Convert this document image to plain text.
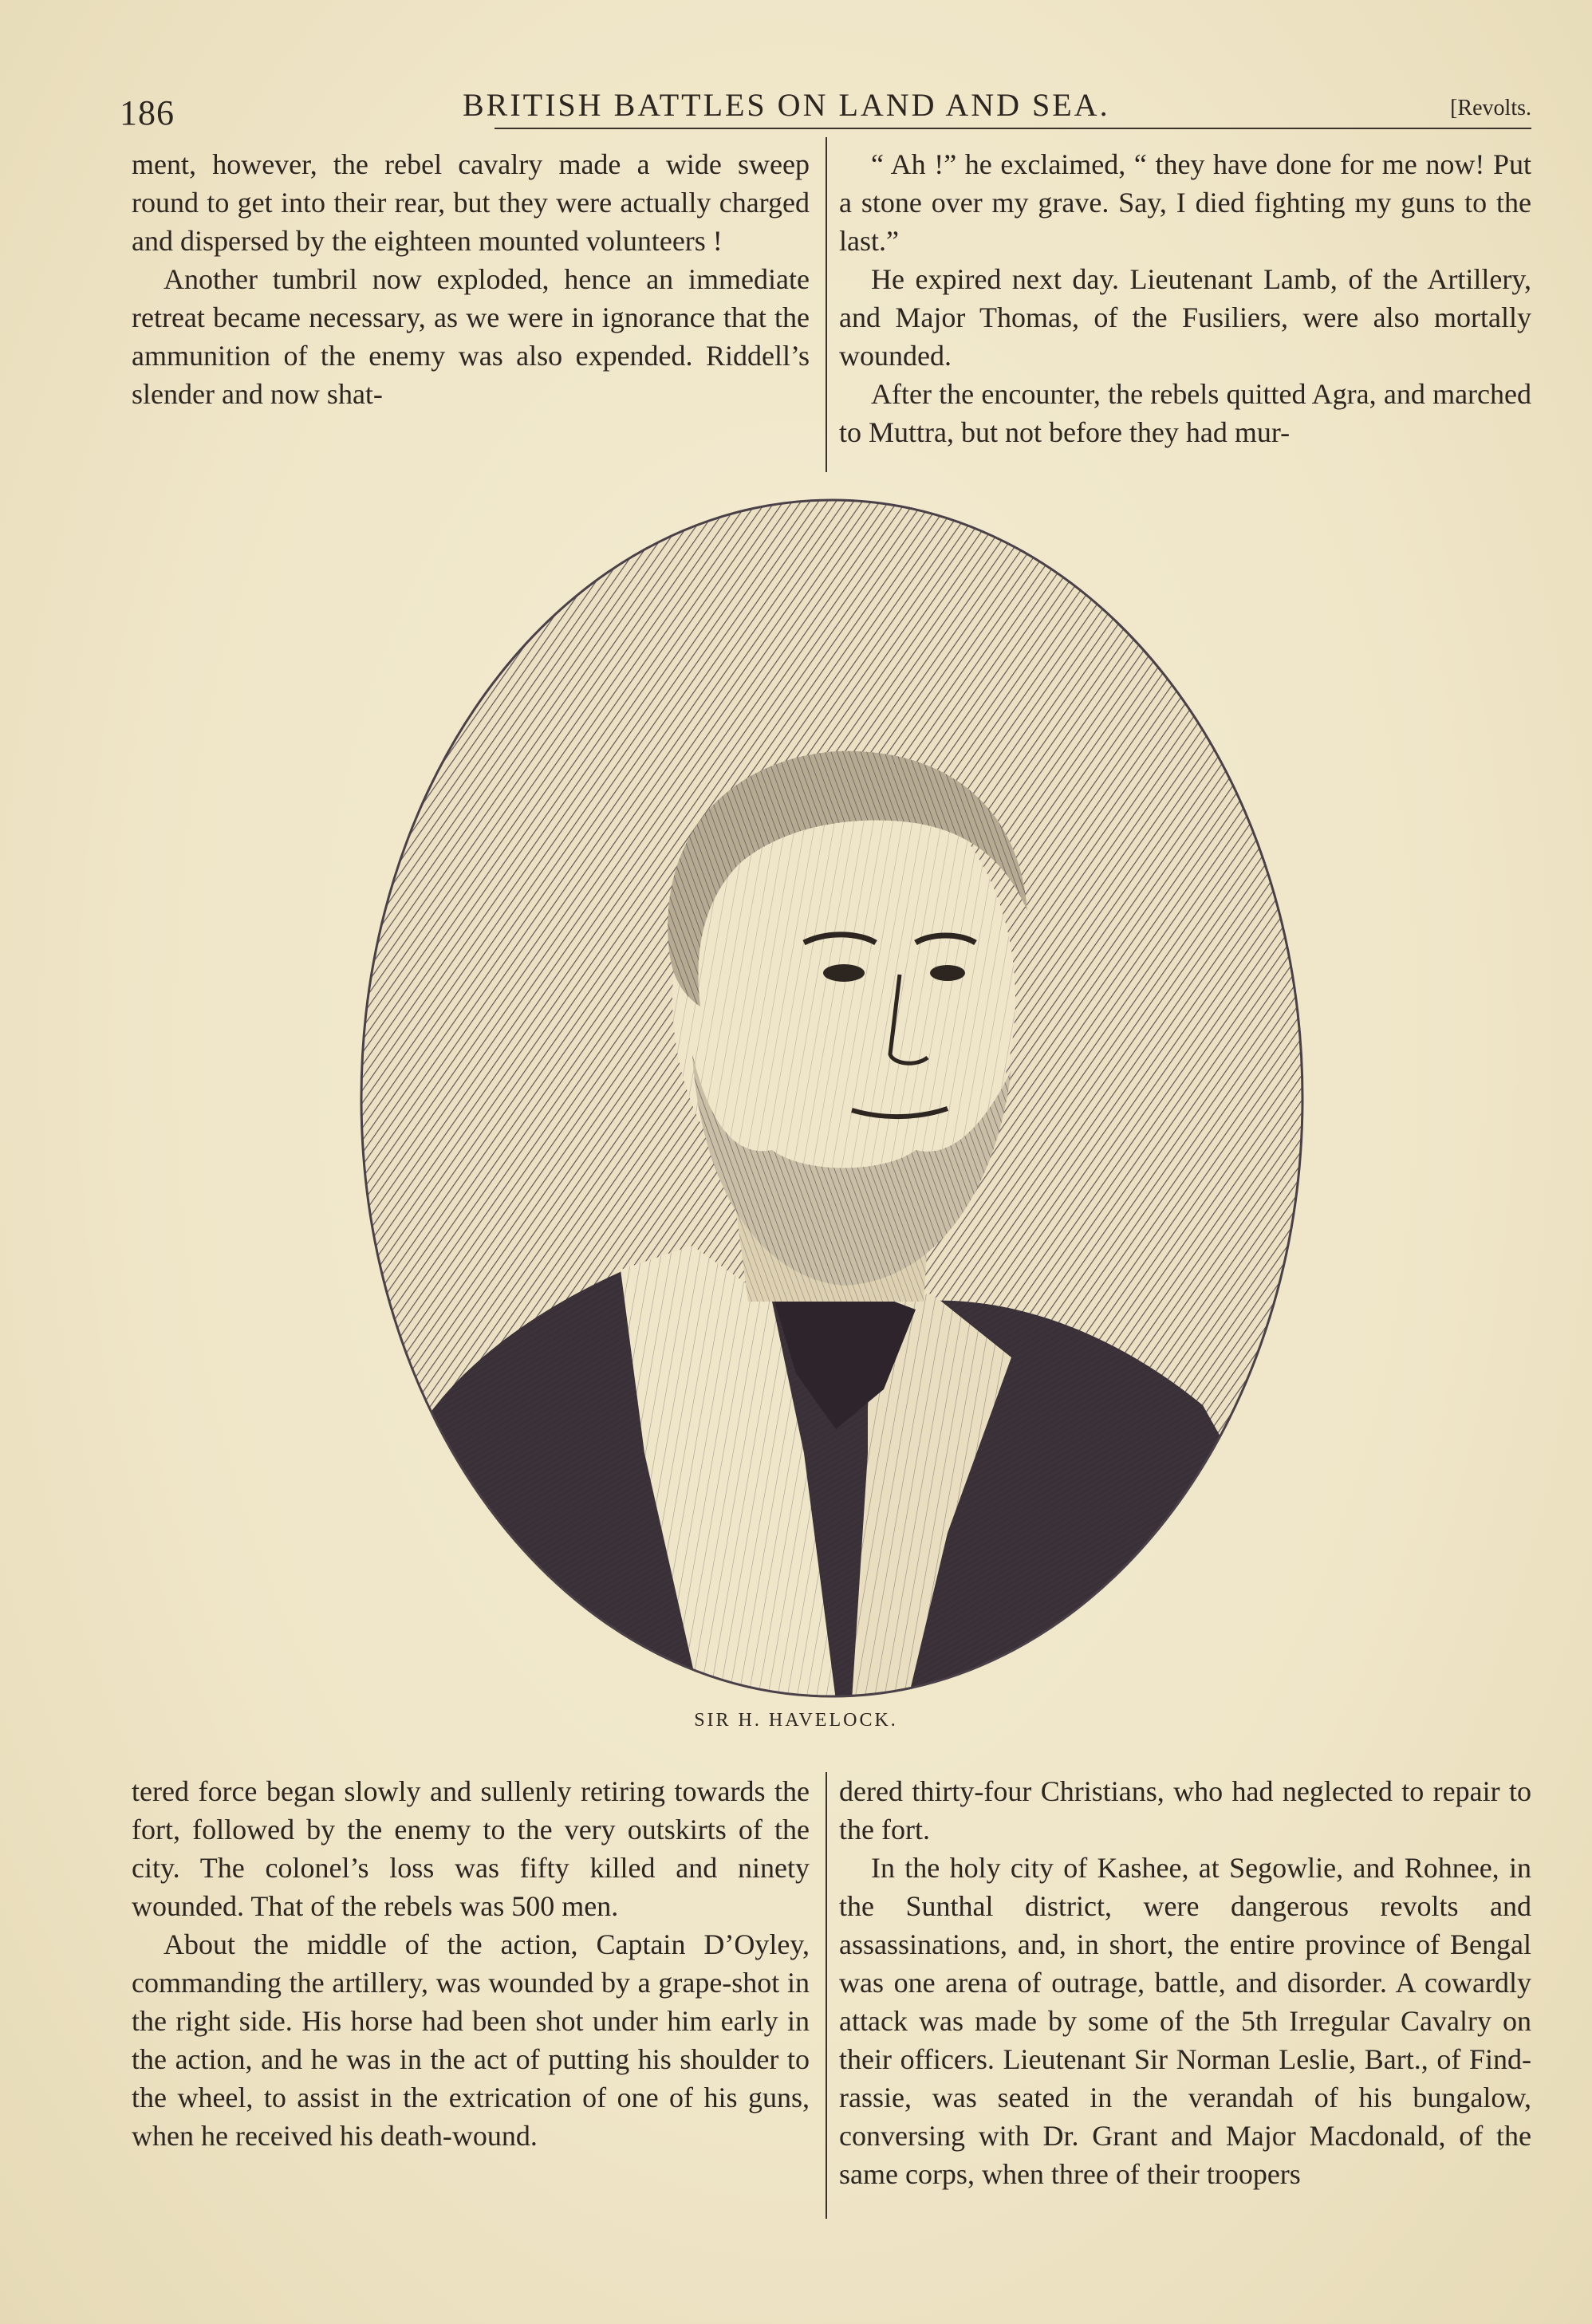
186	BRITISH BATTLES ON LAND AND SEA.	[Revolts.

ment, however, the rebel cavalry made a wide sweep round to get into their rear, but they were actually charged and dispersed by the eighteen mounted volunteers !

Another tumbril now exploded, hence an immediate retreat became necessary, as we were in ignorance that the ammunition of the enemy was also expended. Riddell’s slender and now shat-

“ Ah !” he exclaimed, “ they have done for me now! Put a stone over my grave. Say, I died fighting my guns to the last.”

He expired next day. Lieutenant Lamb, of the Artillery, and Major Thomas, of the Fusiliers, were also mortally wounded.

After the encounter, the rebels quitted Agra, and marched to Muttra, but not before they had mur-

SIR H. HAVELOCK.

tered force began slowly and sullenly retiring towards the fort, followed by the enemy to the very outskirts of the city. The colonel’s loss was fifty killed and ninety wounded. That of the rebels was 500 men.

About the middle of the action, Captain D’Oyley, commanding the artillery, was wounded by a grape-shot in the right side. His horse had been shot under him early in the action, and he was in the act of putting his shoulder to the wheel, to assist in the extrication of one of his guns, when he received his death-wound.

dered thirty-four Christians, who had neglected to repair to the fort.

In the holy city of Kashee, at Segowlie, and Rohnee, in the Sunthal district, were dangerous revolts and assassinations, and, in short, the entire province of Bengal was one arena of outrage, battle, and disorder. A cowardly attack was made by some of the 5th Irregular Cavalry on their officers. Lieutenant Sir Norman Leslie, Bart., of Findrassie, was seated in the verandah of his bungalow, conversing with Dr. Grant and Major Macdonald, of the same corps, when three of their troopers
